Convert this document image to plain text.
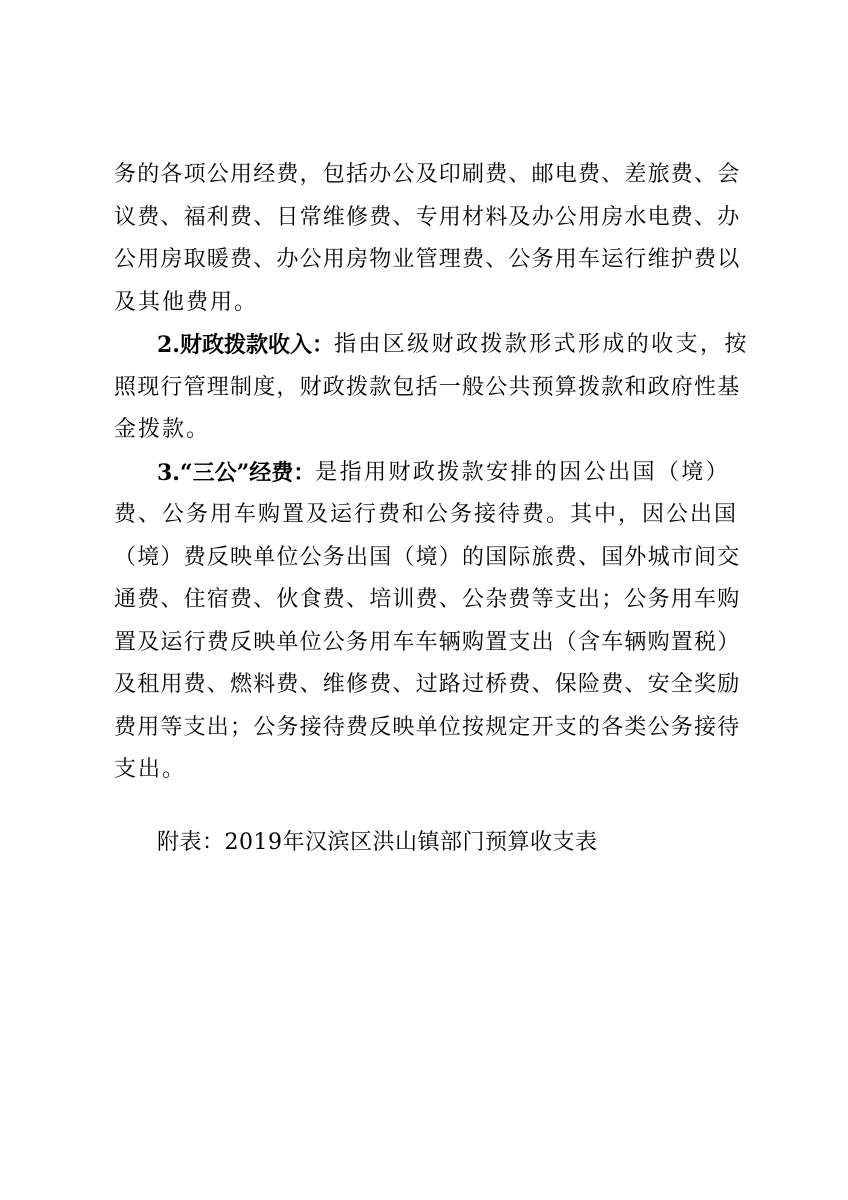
务的各项公用经费，包括办公及印刷费、邮电费、差旅费、会
议费、福利费、日常维修费、专用材料及办公用房水电费、办
公用房取暖费、办公用房物业管理费、公务用车运行维护费以
及其他费用。
2.财政拨款收入： 指由区级财政拨款形式形成的收支，按
照现行管理制度，财政拨款包括一般公共预算拨款和政府性基
金拨款。
3.“三公”经费： 是指用财政拨款安排的因公出国（境）
费、公务用车购置及运行费和公务接待费。其中，因公出国
（境）费反映单位公务出国（境）的国际旅费、国外城市间交
通费、住宿费、伙食费、培训费、公杂费等支出；公务用车购
置及运行费反映单位公务用车车辆购置支出（含车辆购置税）
及租用费、燃料费、维修费、过路过桥费、保险费、安全奖励
费用等支出；公务接待费反映单位按规定开支的各类公务接待
支出。
附表：2019年汉滨区洪山镇部门预算收支表
